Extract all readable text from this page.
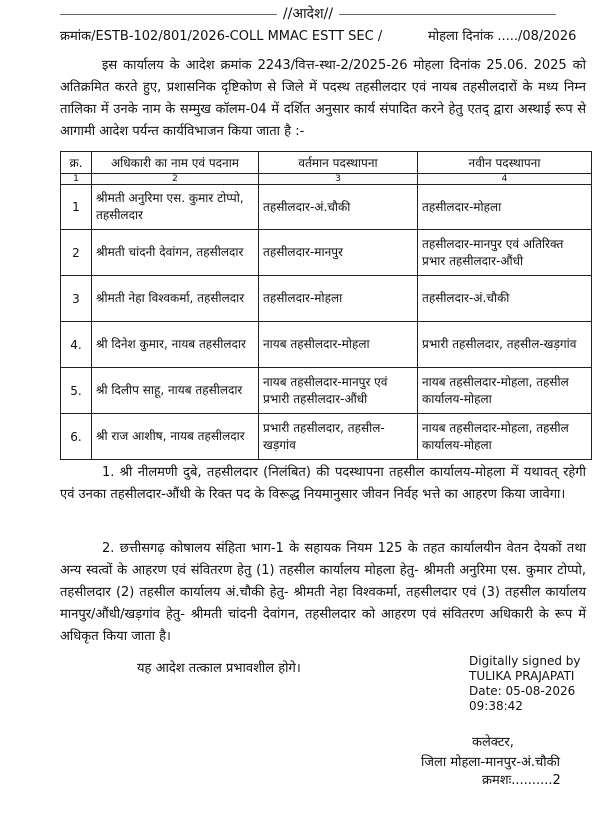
//आदेश//
क्रमांक/ESTB-102/801/2026-COLL MMAC ESTT SEC /	मोहला दिनांक ...../08/2026
इस कार्यालय के आदेश क्रमांक 2243/वित्त-स्था-2/2025-26 मोहला दिनांक 25.06. 2025 को अतिक्रमित करते हुए, प्रशासनिक दृष्टिकोण से जिले में पदस्थ तहसीलदार एवं नायब तहसीलदारों के मध्य निम्न तालिका में उनके नाम के सम्मुख कॉलम-04 में दर्शित अनुसार कार्य संपादित करने हेतु एतद् द्वारा अस्थाई रूप से आगामी आदेश पर्यन्त कार्यविभाजन किया जाता है :-
क्र.	अधिकारी का नाम एवं पदनाम	वर्तमान पदस्थापना	नवीन पदस्थापना
1	2	3	4
1	श्रीमती अनुरिमा एस. कुमार टोप्पो, तहसीलदार	तहसीलदार-अं.चौकी	तहसीलदार-मोहला
2	श्रीमती चांदनी देवांगन, तहसीलदार	तहसीलदार-मानपुर	तहसीलदार-मानपुर एवं अतिरिक्त प्रभार तहसीलदार-औंधी
3	श्रीमती नेहा विश्वकर्मा, तहसीलदार	तहसीलदार-मोहला	तहसीलदार-अं.चौकी
4.	श्री दिनेश कुमार, नायब तहसीलदार	नायब तहसीलदार-मोहला	प्रभारी तहसीलदार, तहसील-खड़गांव
5.	श्री दिलीप साहू, नायब तहसीलदार	नायब तहसीलदार-मानपुर एवं प्रभारी तहसीलदार-औंधी	नायब तहसीलदार-मोहला, तहसील कार्यालय-मोहला
6.	श्री राज आशीष, नायब तहसीलदार	प्रभारी तहसीलदार, तहसील-खड़गांव	नायब तहसीलदार-मोहला, तहसील कार्यालय-मोहला
1. श्री नीलमणी दुबे, तहसीलदार (निलंबित) की पदस्थापना तहसील कार्यालय-मोहला में यथावत् रहेगी एवं उनका तहसीलदार-औंधी के रिक्त पद के विरूद्ध नियमानुसार जीवन निर्वह भत्ते का आहरण किया जावेगा।
2. छत्तीसगढ़ कोषालय संहिता भाग-1 के सहायक नियम 125 के तहत कार्यालयीन वेतन देयकों तथा अन्य स्वत्वों के आहरण एवं संवितरण हेतु (1) तहसील कार्यालय मोहला हेतु- श्रीमती अनुरिमा एस. कुमार टोप्पो, तहसीलदार (2) तहसील कार्यालय अं.चौकी हेतु- श्रीमती नेहा विश्वकर्मा, तहसीलदार एवं (3) तहसील कार्यालय मानपुर/औंधी/खड़गांव हेतु- श्रीमती चांदनी देवांगन, तहसीलदार को आहरण एवं संवितरण अधिकारी के रूप में अधिकृत किया जाता है।
यह आदेश तत्काल प्रभावशील होगे।	Digitally signed by
TULIKA PRAJAPATI
Date: 05-08-2026
09:38:42
कलेक्टर,
जिला मोहला-मानपुर-अं.चौकी
क्रमशः..........2
